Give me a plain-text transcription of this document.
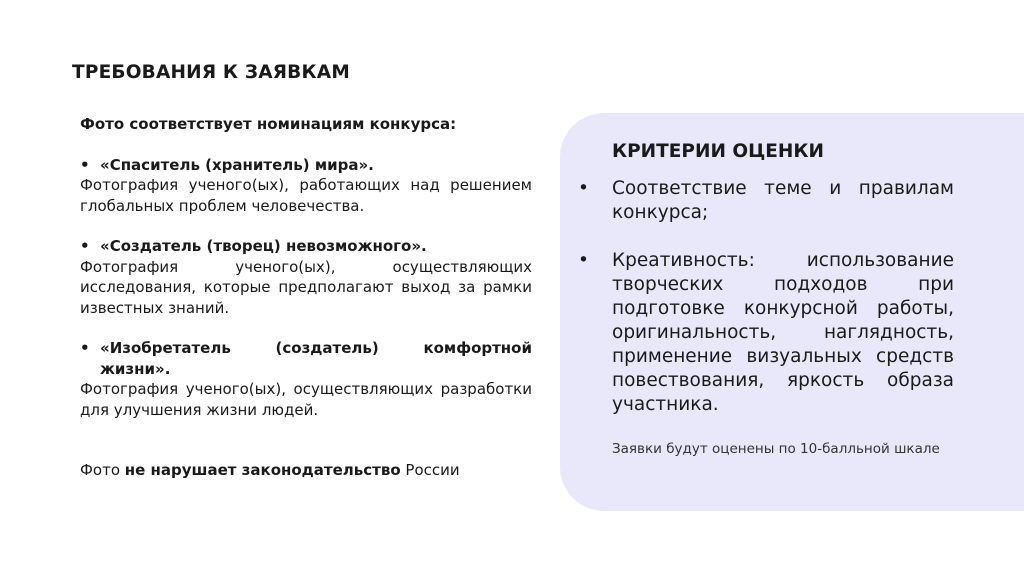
ТРЕБОВАНИЯ К ЗАЯВКАМ

Фото соответствует номинациям конкурса:

• «Спаситель (хранитель) мира».

Фотография ученого(ых), работающих над решением глобальных проблем человечества.

• «Создатель (творец) невозможного».

Фотография ученого(ых), осуществляющих исследования, которые предполагают выход за рамки известных знаний.

• «Изобретатель (создатель) комфортной
жизни».

Фотография ученого(ых), осуществляющих разработки для улучшения жизни людей.

Фото не нарушает законодательство России

КРИТЕРИИ ОЦЕНКИ
•	Соответствие теме и правилам конкурса;
•	Креативность: использование творческих подходов при подготовке конкурсной работы, оригинальность, наглядность, применение визуальных средств повествования, яркость образа участника.
Заявки будут оценены по 10-балльной шкале
